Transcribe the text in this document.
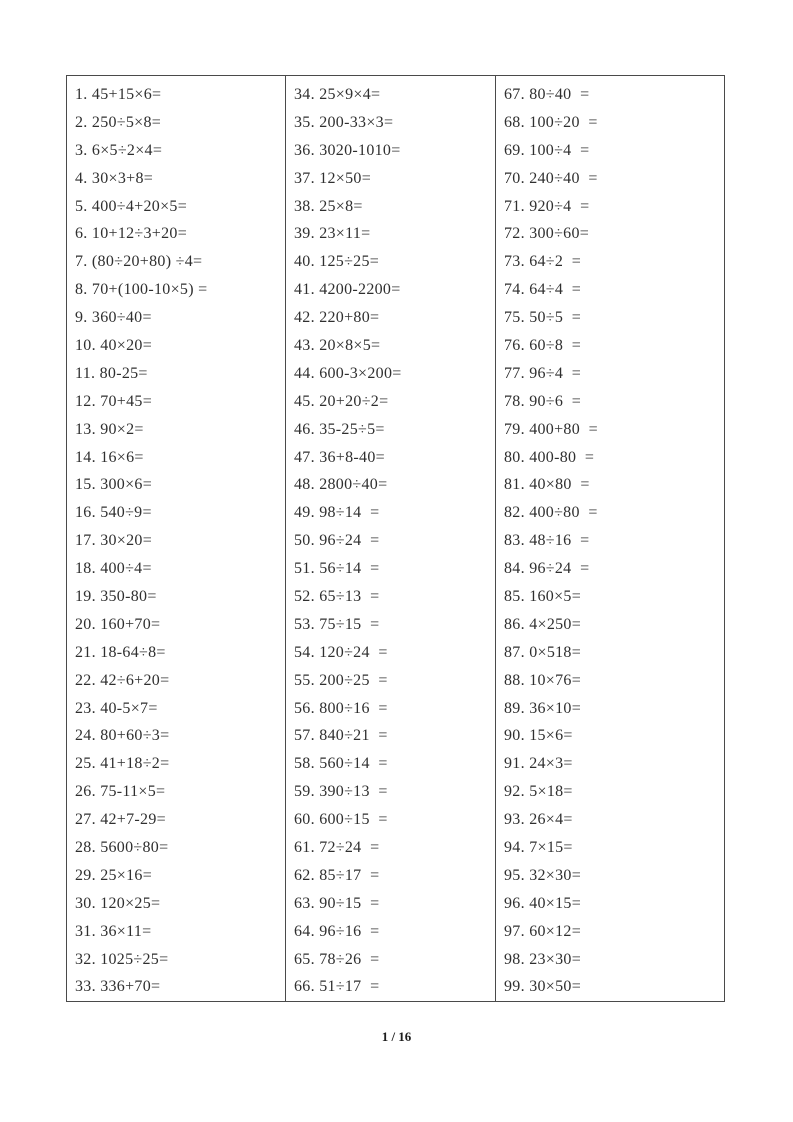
1. 45+15×6=
2. 250÷5×8=
3. 6×5÷2×4=
4. 30×3+8=
5. 400÷4+20×5=
6. 10+12÷3+20=
7. (80÷20+80) ÷4=
8. 70+(100-10×5) =
9. 360÷40=
10. 40×20=
11. 80-25=
12. 70+45=
13. 90×2=
14. 16×6=
15. 300×6=
16. 540÷9=
17. 30×20=
18. 400÷4=
19. 350-80=
20. 160+70=
21. 18-64÷8=
22. 42÷6+20=
23. 40-5×7=
24. 80+60÷3=
25. 41+18÷2=
26. 75-11×5=
27. 42+7-29=
28. 5600÷80=
29. 25×16=
30. 120×25=
31. 36×11=
32. 1025÷25=
33. 336+70=
34. 25×9×4=
35. 200-33×3=
36. 3020-1010=
37. 12×50=
38. 25×8=
39. 23×11=
40. 125÷25=
41. 4200-2200=
42. 220+80=
43. 20×8×5=
44. 600-3×200=
45. 20+20÷2=
46. 35-25÷5=
47. 36+8-40=
48. 2800÷40=
49. 98÷14  =
50. 96÷24  =
51. 56÷14  =
52. 65÷13  =
53. 75÷15  =
54. 120÷24  =
55. 200÷25  =
56. 800÷16  =
57. 840÷21  =
58. 560÷14  =
59. 390÷13  =
60. 600÷15  =
61. 72÷24  =
62. 85÷17  =
63. 90÷15  =
64. 96÷16  =
65. 78÷26  =
66. 51÷17  =
67. 80÷40  =
68. 100÷20  =
69. 100÷4  =
70. 240÷40  =
71. 920÷4  =
72. 300÷60=
73. 64÷2  =
74. 64÷4  =
75. 50÷5  =
76. 60÷8  =
77. 96÷4  =
78. 90÷6  =
79. 400+80  =
80. 400-80  =
81. 40×80  =
82. 400÷80  =
83. 48÷16  =
84. 96÷24  =
85. 160×5=
86. 4×250=
87. 0×518=
88. 10×76=
89. 36×10=
90. 15×6=
91. 24×3=
92. 5×18=
93. 26×4=
94. 7×15=
95. 32×30=
96. 40×15=
97. 60×12=
98. 23×30=
99. 30×50=
1 / 16
